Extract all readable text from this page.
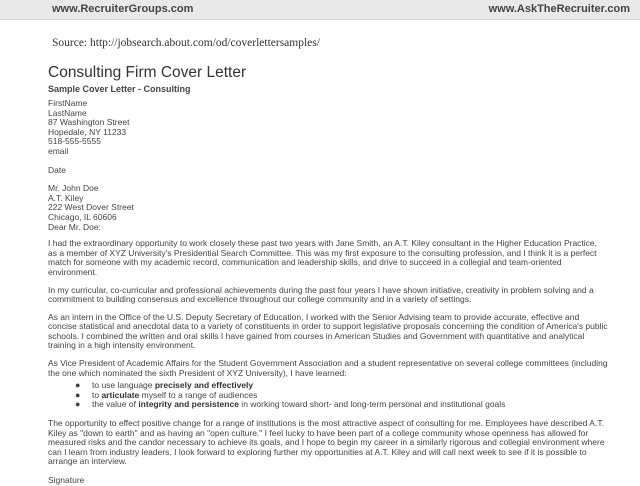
www.RecruiterGroups.com	www.AskTheRecruiter.com
Source: http://jobsearch.about.com/od/coverlettersamples/
Consulting Firm Cover Letter
Sample Cover Letter - Consulting
FirstName
LastName
87 Washington Street
Hopedale, NY 11233
518-555-5555
email
Date
Mr. John Doe
A.T. Kiley
222 West Dover Street
Chicago, IL 60606
Dear Mr. Doe:
I had the extraordinary opportunity to work closely these past two years with Jane Smith, an A.T. Kiley consultant in the Higher Education Practice, as a member of XYZ University's Presidential Search Committee. This was my first exposure to the consulting profession, and I think it is a perfect match for someone with my academic record, communication and leadership skills, and drive to succeed in a collegial and team-oriented environment.
In my curricular, co-curricular and professional achievements during the past four years I have shown initiative, creativity in problem solving and a commitment to building consensus and excellence throughout our college community and in a variety of settings.
As an intern in the Office of the U.S. Deputy Secretary of Education, I worked with the Senior Advising team to provide accurate, effective and concise statistical and anecdotal data to a variety of constituents in order to support legislative proposals concerning the condition of America's public schools. I combined the written and oral skills I have gained from courses in American Studies and Government with quantitative and analytical training in a high intensity environment.
As Vice President of Academic Affairs for the Student Government Association and a student representative on several college committees (including the one which nominated the sixth President of XYZ University), I have learned:
● to use language precisely and effectively
● to articulate myself to a range of audiences
● the value of integrity and persistence in working toward short- and long-term personal and institutional goals
The opportunity to effect positive change for a range of institutions is the most attractive aspect of consulting for me. Employees have described A.T. Kiley as "down to earth" and as having an "open culture." I feel lucky to have been part of a college community whose openness has allowed for measured risks and the candor necessary to achieve its goals, and I hope to begin my career in a similarly rigorous and collegial environment where can I learn from industry leaders. I look forward to exploring further my opportunities at A.T. Kiley and will call next week to see if it is possible to arrange an interview.
Signature
